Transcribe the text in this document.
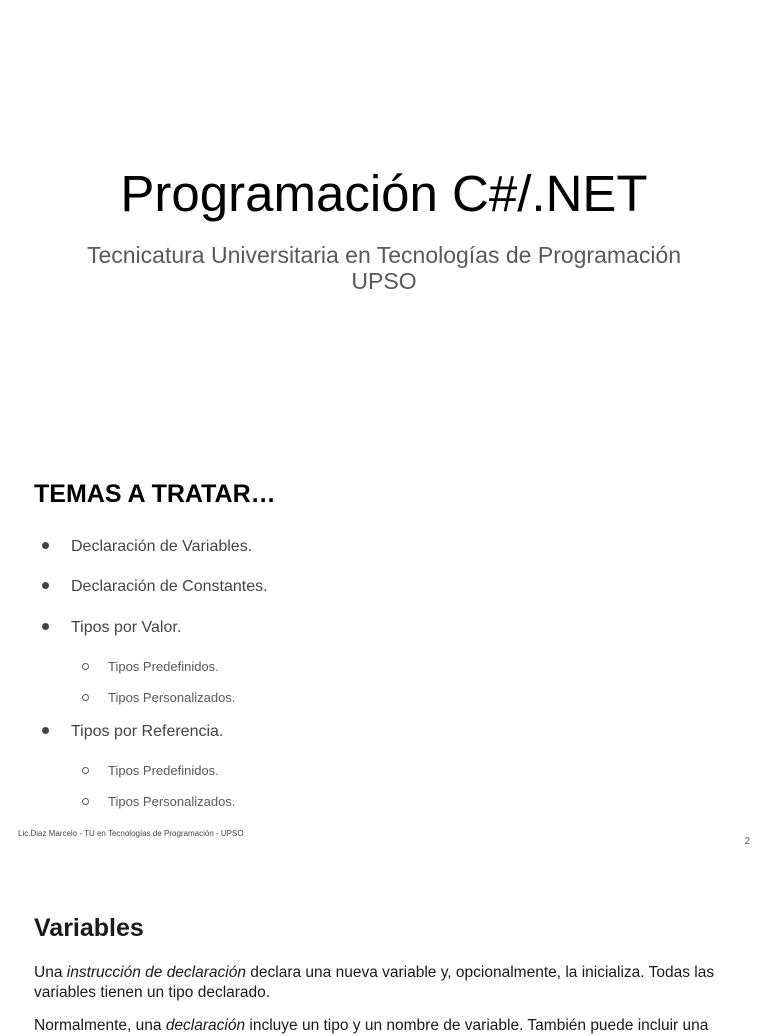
Programación C#/.NET
Tecnicatura Universitaria en Tecnologías de Programación
UPSO
TEMAS A TRATAR…
Declaración de Variables.
Declaración de Constantes.
Tipos por Valor.
Tipos Predefinidos.
Tipos Personalizados.
Tipos por Referencia.
Tipos Predefinidos.
Tipos Personalizados.
Lic.Diaz Marcelo - TU en Tecnologías de Programación - UPSO
2
Variables

Una instrucción de declaración declara una nueva variable y, opcionalmente, la inicializa. Todas las variables tienen un tipo declarado.

Normalmente, una declaración incluye un tipo y un nombre de variable. También puede incluir una
